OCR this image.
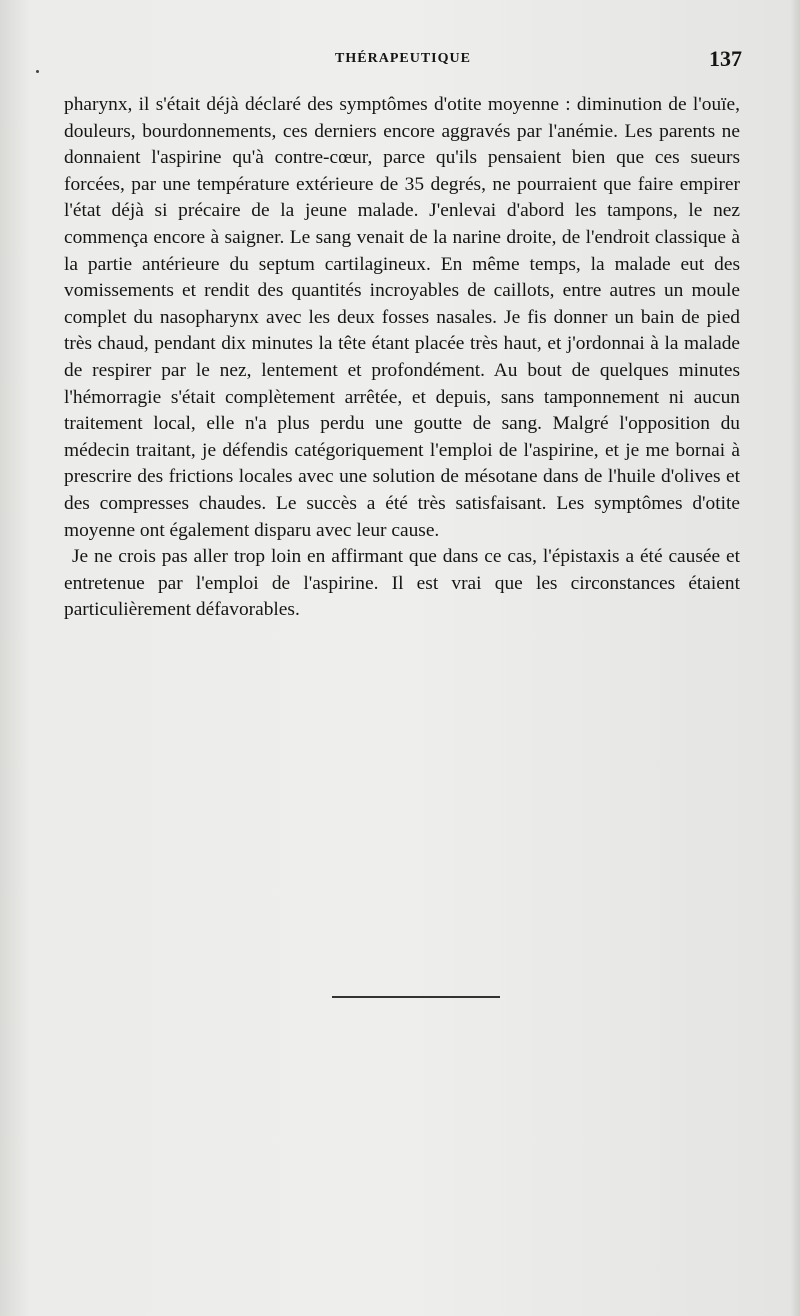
THÉRAPEUTIQUE	137

pharynx, il s'était déjà déclaré des symptômes d'otite moyenne : diminution de l'ouïe, douleurs, bourdonnements, ces derniers encore aggravés par l'anémie. Les parents ne donnaient l'aspirine qu'à contre-cœur, parce qu'ils pensaient bien que ces sueurs forcées, par une température extérieure de 35 degrés, ne pourraient que faire empirer l'état déjà si précaire de la jeune malade. J'enlevai d'abord les tampons, le nez commença encore à saigner. Le sang venait de la narine droite, de l'endroit classique à la partie antérieure du septum cartilagineux. En même temps, la malade eut des vomissements et rendit des quantités incroyables de caillots, entre autres un moule complet du nasopharynx avec les deux fosses nasales. Je fis donner un bain de pied très chaud, pendant dix minutes la tête étant placée très haut, et j'ordonnai à la malade de respirer par le nez, lentement et profondément. Au bout de quelques minutes l'hémorragie s'était complètement arrêtée, et depuis, sans tamponnement ni aucun traitement local, elle n'a plus perdu une goutte de sang. Malgré l'opposition du médecin traitant, je défendis catégoriquement l'emploi de l'aspirine, et je me bornai à prescrire des frictions locales avec une solution de mésotane dans de l'huile d'olives et des compresses chaudes. Le succès a été très satisfaisant. Les symptômes d'otite moyenne ont également disparu avec leur cause.

Je ne crois pas aller trop loin en affirmant que dans ce cas, l'épistaxis a été causée et entretenue par l'emploi de l'aspirine. Il est vrai que les circonstances étaient particulièrement défavorables.
